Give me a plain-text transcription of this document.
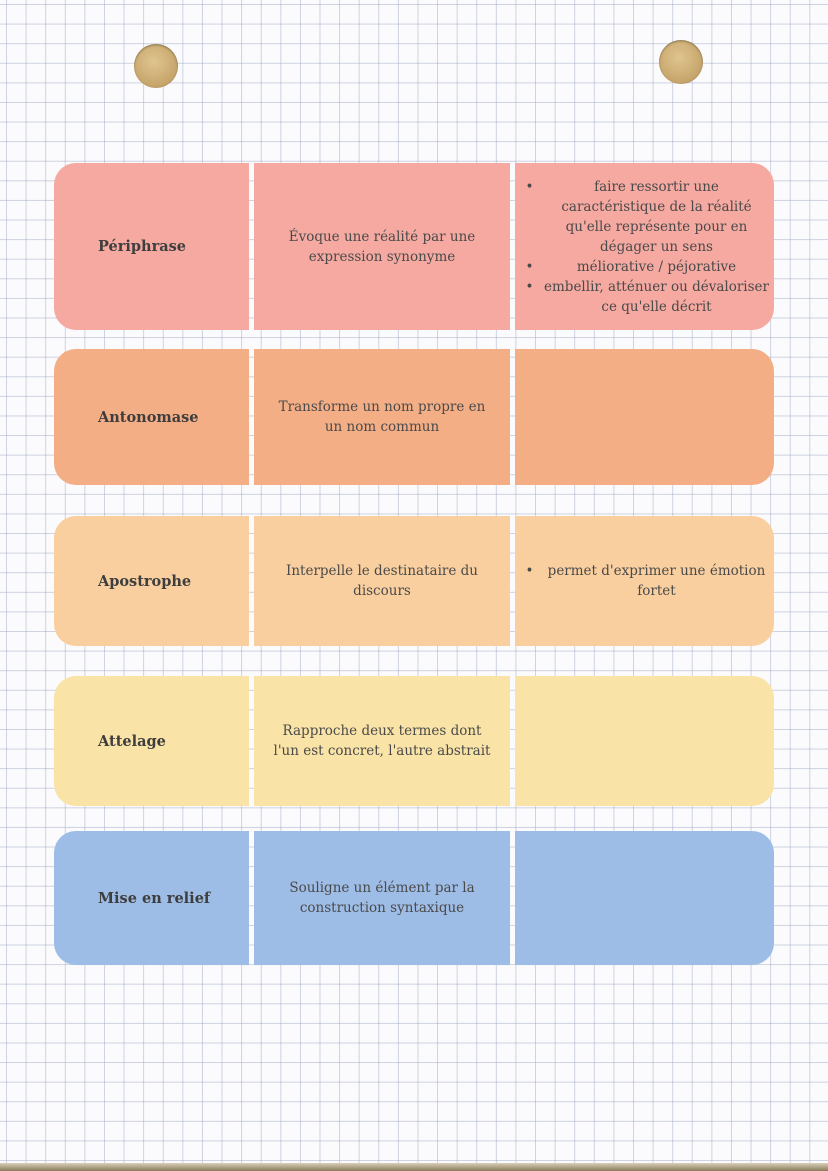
Périphrase
Évoque une réalité par une expression synonyme
• faire ressortir une caractéristique de la réalité qu'elle représente pour en dégager un sens
• méliorative / péjorative
• embellir, atténuer ou dévaloriser ce qu'elle décrit
Antonomase
Transforme un nom propre en un nom commun
Apostrophe
Interpelle le destinataire du discours
• permet d'exprimer une émotion fortet
Attelage
Rapproche deux termes dont l'un est concret, l'autre abstrait
Mise en relief
Souligne un élément par la construction syntaxique
